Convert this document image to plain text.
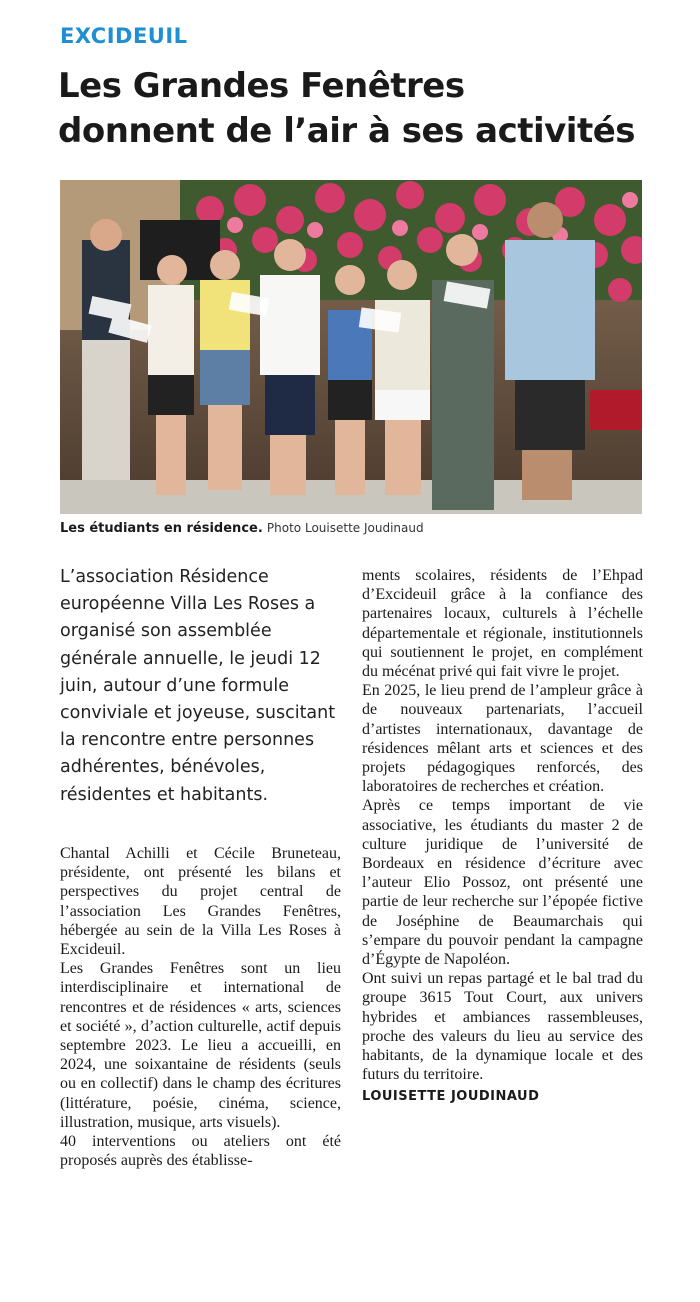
EXCIDEUIL
Les Grandes Fenêtres
donnent de l’air à ses activités
Les étudiants en résidence. Photo Louisette Joudinaud
L’association Résidence européenne Villa Les Roses a organisé son assemblée générale annuelle, le jeudi 12 juin, autour d’une formule conviviale et joyeuse, suscitant la rencontre entre personnes adhérentes, bénévoles, résidentes et habitants.

Chantal Achilli et Cécile Bruneteau, présidente, ont présenté les bilans et perspectives du projet central de l’association Les Grandes Fenêtres, hébergée au sein de la Villa Les Roses à Excideuil.

Les Grandes Fenêtres sont un lieu interdisciplinaire et international de rencontres et de résidences « arts, sciences et société », d’action culturelle, actif depuis septembre 2023. Le lieu a accueilli, en 2024, une soixantaine de résidents (seuls ou en collectif) dans le champ des écritures (littérature, poésie, cinéma, science, illustration, musique, arts visuels).

40 interventions ou ateliers ont été proposés auprès des établisse-

ments scolaires, résidents de l’Ehpad d’Excideuil grâce à la confiance des partenaires locaux, culturels à l’échelle départementale et régionale, institutionnels qui soutiennent le projet, en complément du mécénat privé qui fait vivre le projet.

En 2025, le lieu prend de l’ampleur grâce à de nouveaux partenariats, l’accueil d’artistes internationaux, davantage de résidences mêlant arts et sciences et des projets pédagogiques renforcés, des laboratoires de recherches et création.

Après ce temps important de vie associative, les étudiants du master 2 de culture juridique de l’université de Bordeaux en résidence d’écriture avec l’auteur Elio Possoz, ont présenté une partie de leur recherche sur l’épopée fictive de Joséphine de Beaumarchais qui s’empare du pouvoir pendant la campagne d’Égypte de Napoléon.

Ont suivi un repas partagé et le bal trad du groupe 3615 Tout Court, aux univers hybrides et ambiances rassembleuses, proche des valeurs du lieu au service des habitants, de la dynamique locale et des futurs du territoire.

LOUISETTE JOUDINAUD
